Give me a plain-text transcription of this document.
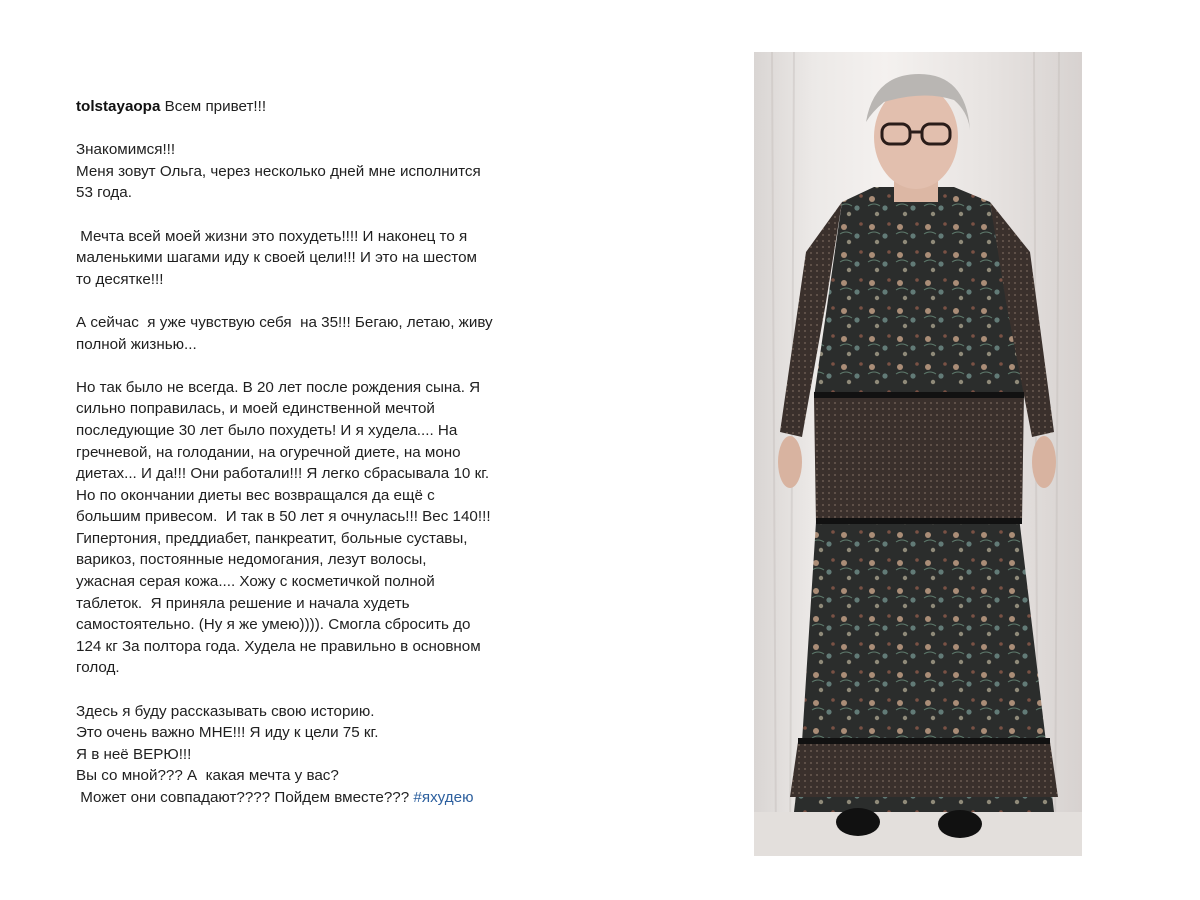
tolstayaopa Всем привет!!!

Знакомимся!!!

Меня зовут Ольга, через несколько дней мне исполнится

53 года.

Мечта всей моей жизни это похудеть!!!! И наконец то я

маленькими шагами иду к своей цели!!! И это на шестом

то десятке!!!

А сейчас  я уже чувствую себя  на 35!!! Бегаю, летаю, живу

полной жизнью...

Но так было не всегда. В 20 лет после рождения сына. Я

сильно поправилась, и моей единственной мечтой

последующие 30 лет было похудеть! И я худела.... На

гречневой, на голодании, на огуречной диете, на моно

диетах... И да!!! Они работали!!! Я легко сбрасывала 10 кг.

Но по окончании диеты вес возвращался да ещё с

большим привесом.  И так в 50 лет я очнулась!!! Вес 140!!!

Гипертония, преддиабет, панкреатит, больные суставы,

варикоз, постоянные недомогания, лезут волосы,

ужасная серая кожа.... Хожу с косметичкой полной

таблеток.  Я приняла решение и начала худеть

самостоятельно. (Ну я же умею)))). Смогла сбросить до

124 кг За полтора года. Худела не правильно в основном

голод.

Здесь я буду рассказывать свою историю.

Это очень важно МНЕ!!! Я иду к цели 75 кг.

Я в неё ВЕРЮ!!!

Вы со мной??? А  какая мечта у вас?

Может они совпадают???? Пойдем вместе??? #яхудею
